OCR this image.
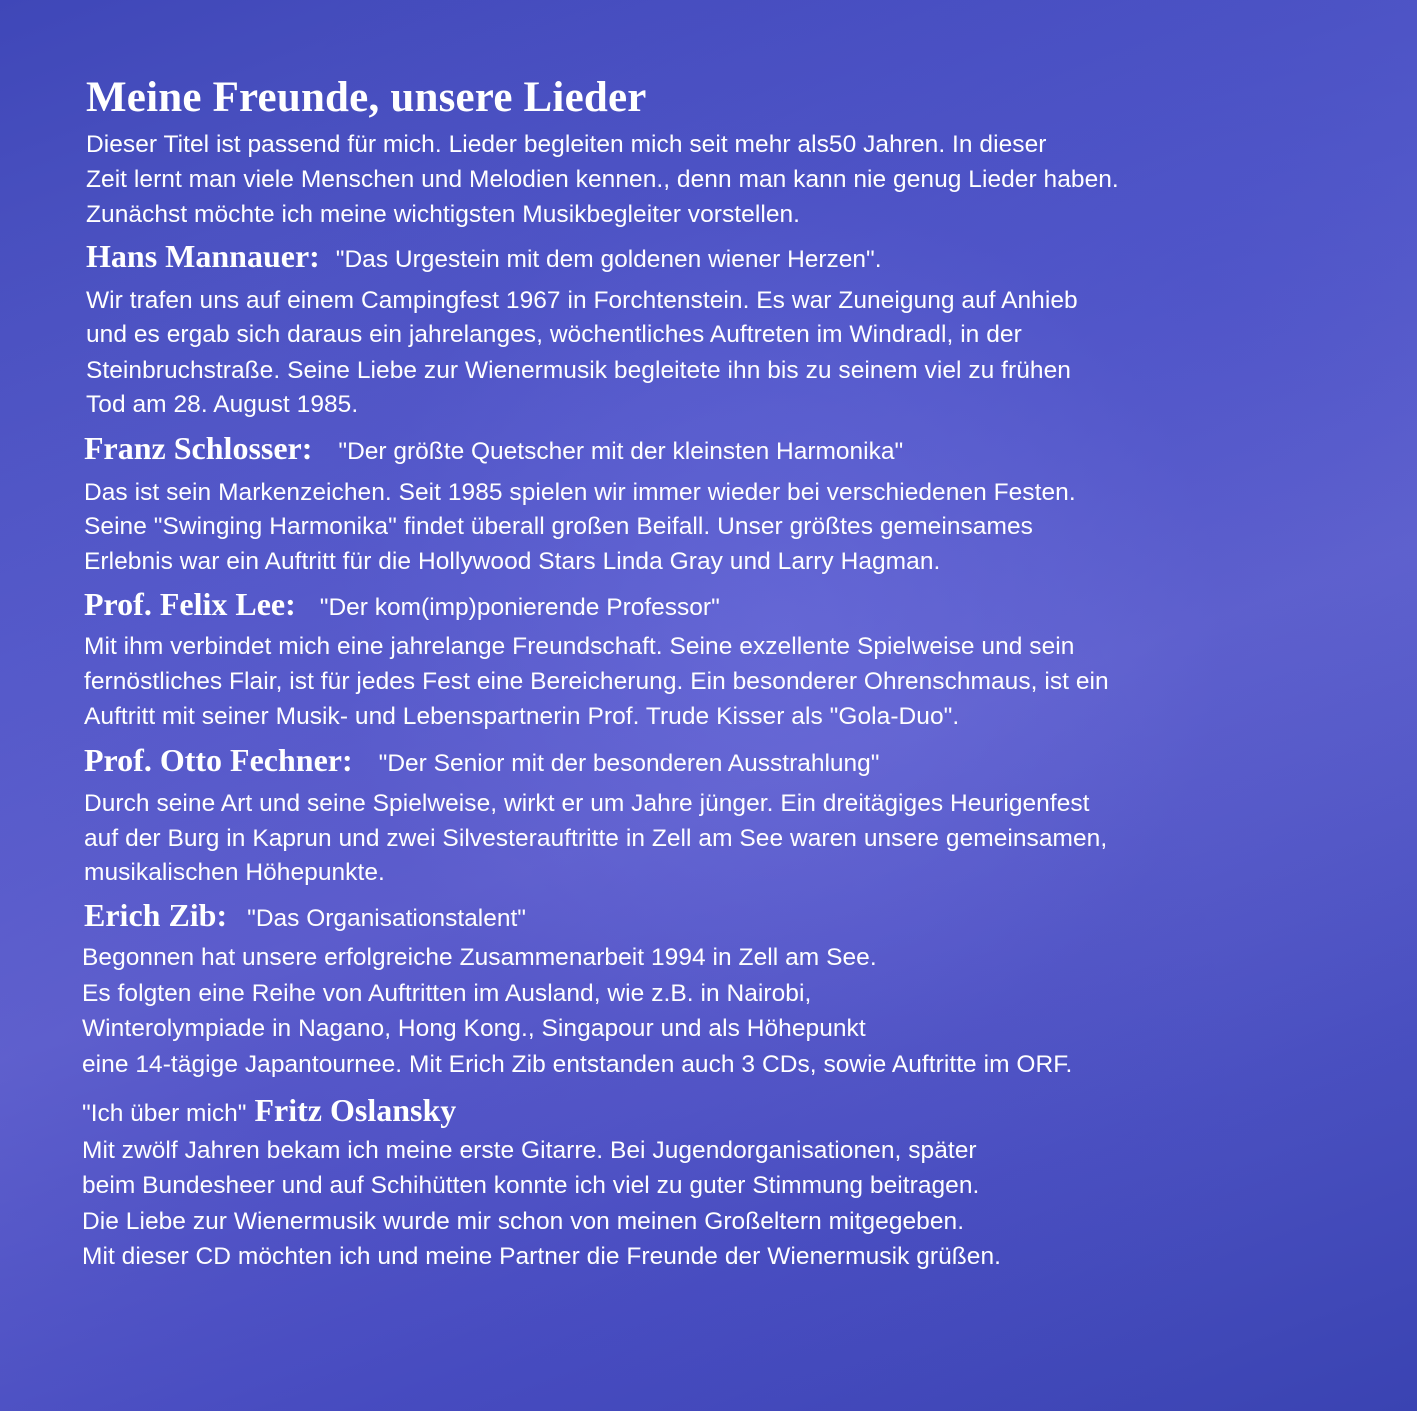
Meine Freunde, unsere Lieder
Dieser Titel ist passend für mich. Lieder begleiten mich seit mehr als50 Jahren. In dieser
Zeit lernt man viele Menschen und Melodien kennen., denn man kann nie genug Lieder haben.
Zunächst möchte ich meine wichtigsten Musikbegleiter vorstellen.
Hans Mannauer: "Das Urgestein mit dem goldenen wiener Herzen".
Wir trafen uns auf einem Campingfest 1967 in Forchtenstein. Es war Zuneigung auf Anhieb
und es ergab sich daraus ein jahrelanges, wöchentliches Auftreten im Windradl, in der
Steinbruchstraße. Seine Liebe zur Wienermusik begleitete ihn bis zu seinem viel zu frühen
Tod am 28. August 1985.
Franz Schlosser: "Der größte Quetscher mit der kleinsten Harmonika"
Das ist sein Markenzeichen. Seit 1985 spielen wir immer wieder bei verschiedenen Festen.
Seine "Swinging Harmonika" findet überall großen Beifall. Unser größtes gemeinsames
Erlebnis war ein Auftritt für die Hollywood Stars Linda Gray und Larry Hagman.
Prof. Felix Lee: "Der kom(imp)ponierende Professor"
Mit ihm verbindet mich eine jahrelange Freundschaft. Seine exzellente Spielweise und sein
fernöstliches Flair, ist für jedes Fest eine Bereicherung. Ein besonderer Ohrenschmaus, ist ein
Auftritt mit seiner Musik- und Lebenspartnerin Prof. Trude Kisser als "Gola-Duo".
Prof. Otto Fechner: "Der Senior mit der besonderen Ausstrahlung"
Durch seine Art und seine Spielweise, wirkt er um Jahre jünger. Ein dreitägiges Heurigenfest
auf der Burg in Kaprun und zwei Silvesterauftritte in Zell am See waren unsere gemeinsamen,
musikalischen Höhepunkte.
Erich Zib: "Das Organisationstalent"
Begonnen hat unsere erfolgreiche Zusammenarbeit 1994 in Zell am See.
Es folgten eine Reihe von Auftritten im Ausland, wie z.B. in Nairobi,
Winterolympiade in Nagano, Hong Kong., Singapour und als Höhepunkt
eine 14-tägige Japantournee. Mit Erich Zib entstanden auch 3 CDs, sowie Auftritte im ORF.
"Ich über mich" Fritz Oslansky
Mit zwölf Jahren bekam ich meine erste Gitarre. Bei Jugendorganisationen, später
beim Bundesheer und auf Schihütten konnte ich viel zu guter Stimmung beitragen.
Die Liebe zur Wienermusik wurde mir schon von meinen Großeltern mitgegeben.
Mit dieser CD möchten ich und meine Partner die Freunde der Wienermusik grüßen.
